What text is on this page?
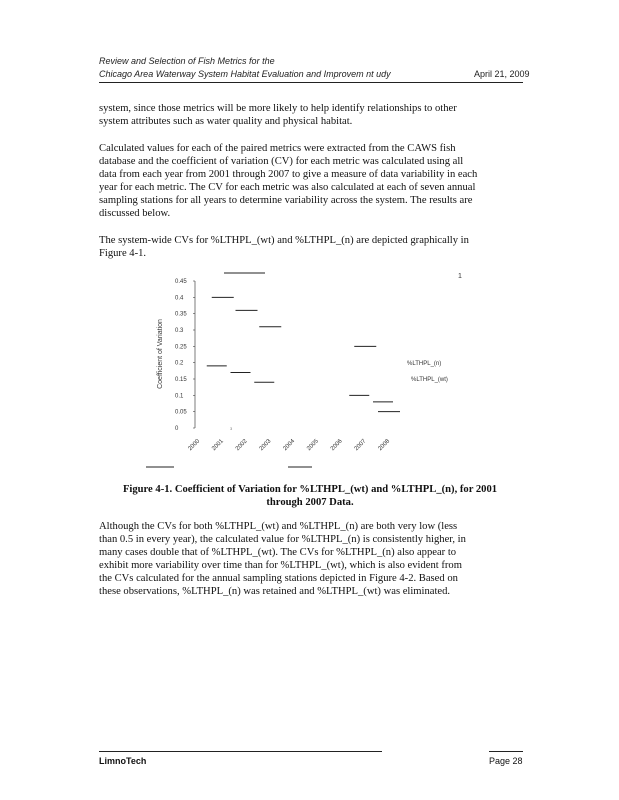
Review and Selection of Fish Metrics for the
Chicago Area Waterway System Habitat Evaluation and Improvem nt udy	April 21, 2009
system, since those metrics will be more likely to help identify relationships to other
system attributes such as water quality and physical habitat.
Calculated values for each of the paired metrics were extracted from the CAWS fish
database and the coefficient of variation (CV) for each metric was calculated using all
data from each year from 2001 through 2007 to give a measure of data variability in each
year for each metric. The CV for each metric was also calculated at each of seven annual
sampling stations for all years to determine variability across the system. The results are
discussed below.
The system-wide CVs for %LTHPL_(wt) and %LTHPL_(n) are depicted graphically in
Figure 4-1.
0
0.05
0.1
0.15
0.2
0.25
0.3
0.35
0.4
0.45
2000 2001 2002 2003 2004 2005 2006 2007 2008
Coefficient of Variation	%LTHPL_(n)
%LTHPL_(wt)
1
3
Figure 4-1. Coefficient of Variation for %LTHPL_(wt) and %LTHPL_(n), for 2001
through 2007 Data.
Although the CVs for both %LTHPL_(wt) and %LTHPL_(n) are both very low (less
than 0.5 in every year), the calculated value for %LTHPL_(n) is consistently higher, in
many cases double that of %LTHPL_(wt). The CVs for %LTHPL_(n) also appear to
exhibit more variability over time than for %LTHPL_(wt), which is also evident from
the CVs calculated for the annual sampling stations depicted in Figure 4-2. Based on
these observations, %LTHPL_(n) was retained and %LTHPL_(wt) was eliminated.
LimnoTech	Page 28
